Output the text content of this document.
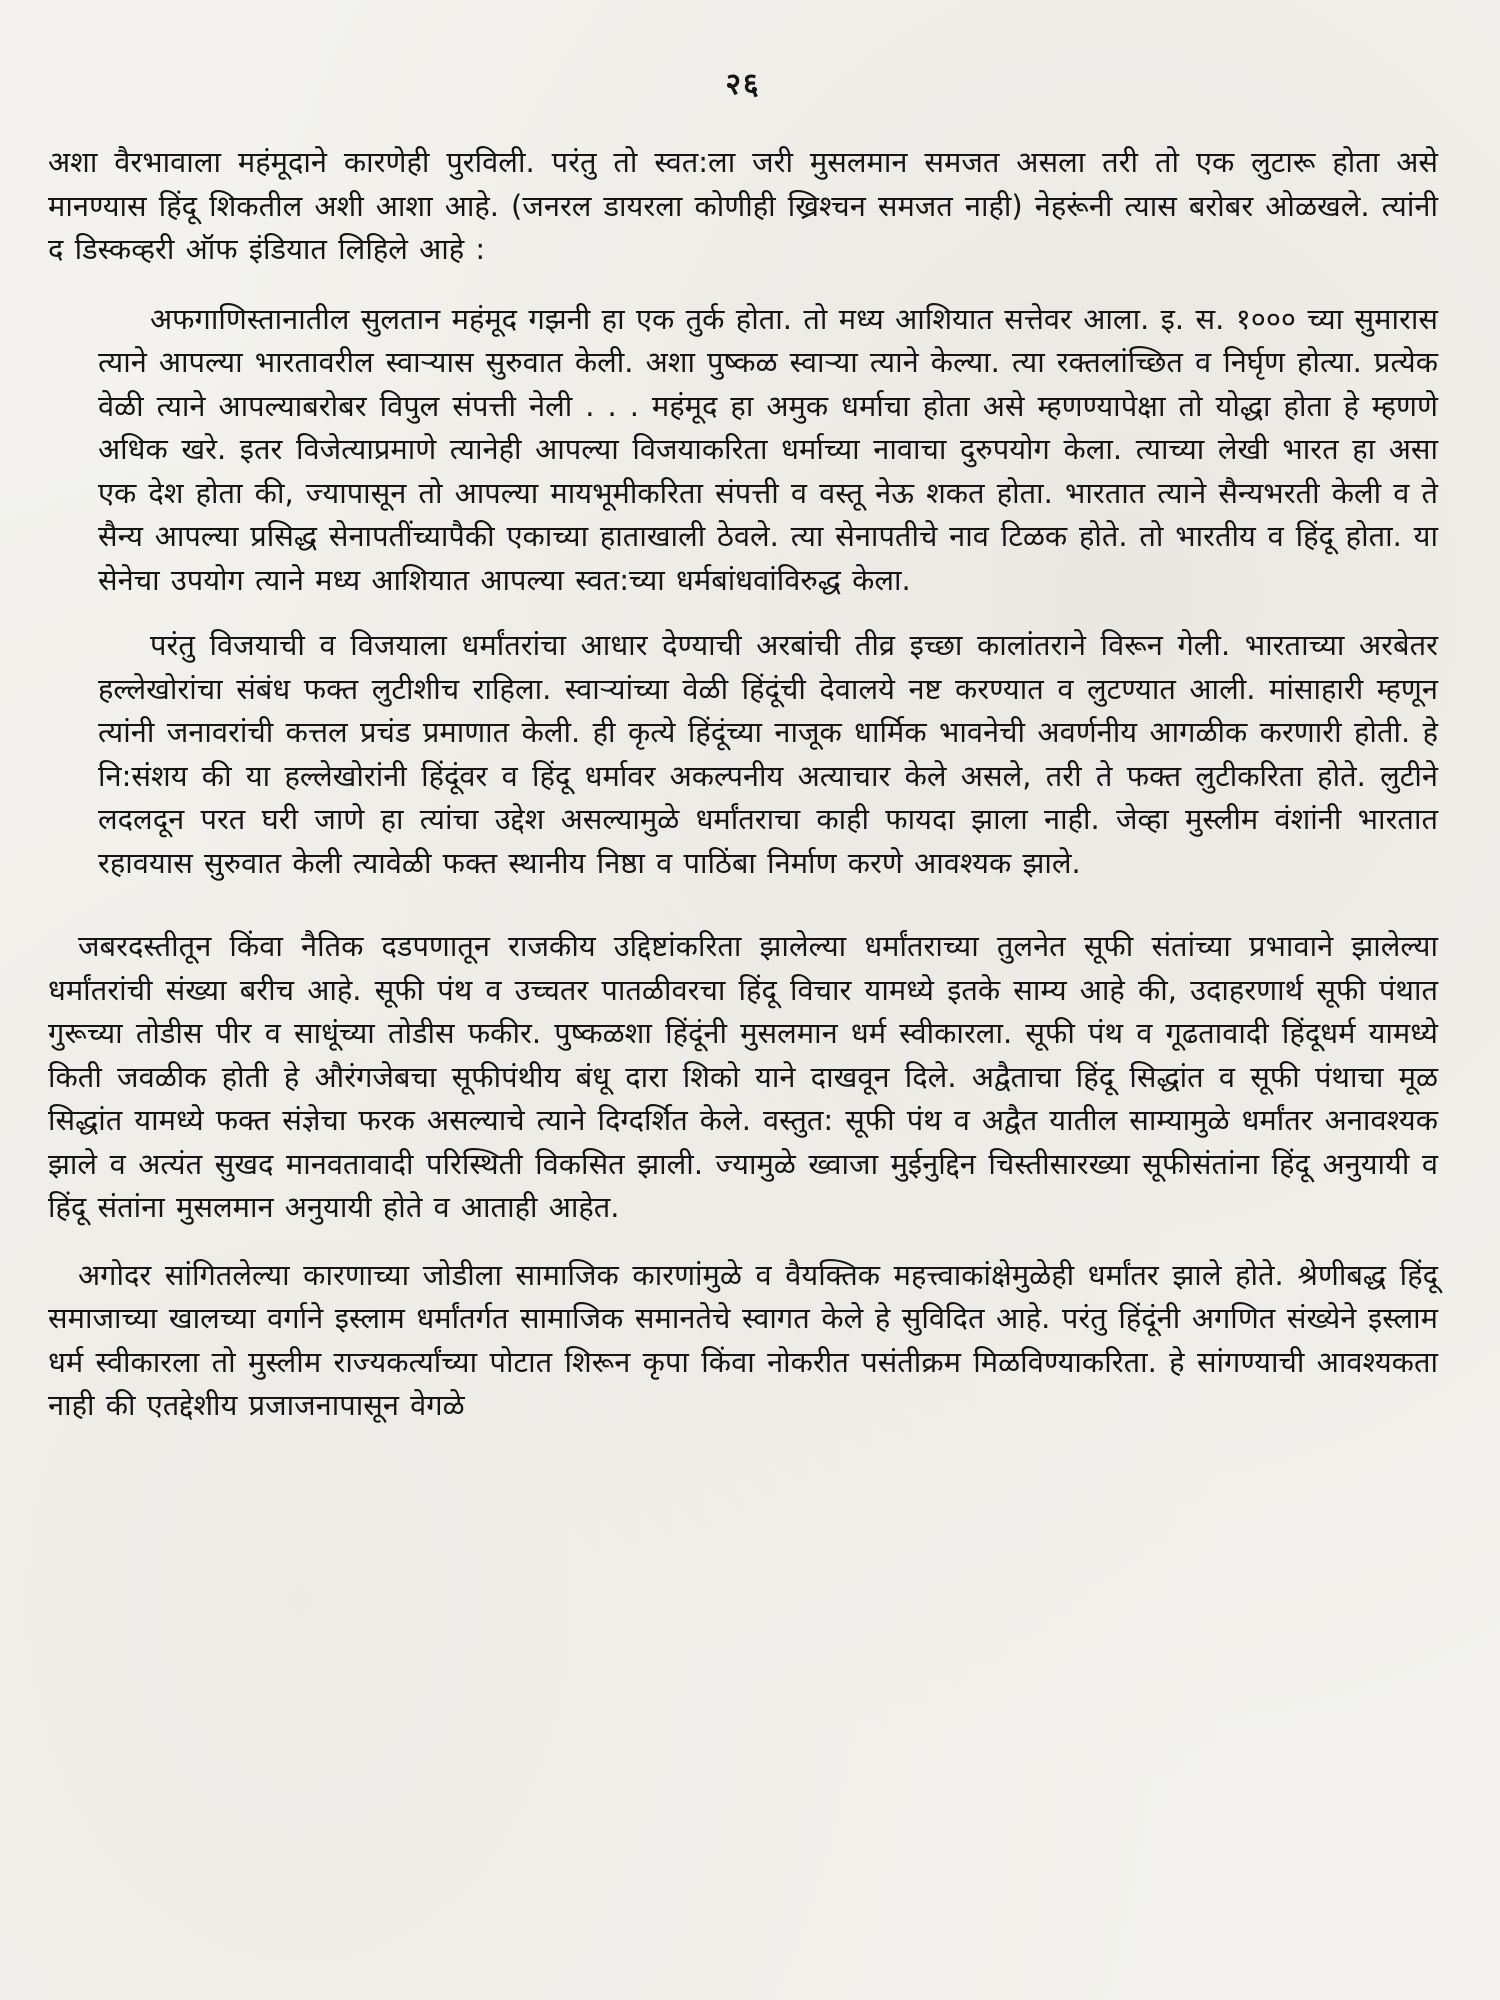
२६

अशा वैरभावाला महंमूदाने कारणेही पुरविली. परंतु तो स्वत:ला जरी मुसलमान समजत असला तरी तो एक लुटारू होता असे मानण्यास हिंदू शिकतील अशी आशा आहे. (जनरल डायरला कोणीही ख्रिश्चन समजत नाही) नेहरूंनी त्यास बरोबर ओळखले. त्यांनी द डिस्कव्हरी ऑफ इंडियात लिहिले आहे :

अफगाणिस्तानातील सुलतान महंमूद गझनी हा एक तुर्क होता. तो मध्य आशियात सत्तेवर आला. इ. स. १००० च्या सुमारास त्याने आपल्या भारतावरील स्वाऱ्यास सुरुवात केली. अशा पुष्कळ स्वाऱ्या त्याने केल्या. त्या रक्तलांच्छित व निर्घृण होत्या. प्रत्येक वेळी त्याने आपल्याबरोबर विपुल संपत्ती नेली . . . महंमूद हा अमुक धर्माचा होता असे म्हणण्यापेक्षा तो योद्धा होता हे म्हणणे अधिक खरे. इतर विजेत्याप्रमाणे त्यानेही आपल्या विजयाकरिता धर्माच्या नावाचा दुरुपयोग केला. त्याच्या लेखी भारत हा असा एक देश होता की, ज्यापासून तो आपल्या मायभूमीकरिता संपत्ती व वस्तू नेऊ शकत होता. भारतात त्याने सैन्यभरती केली व ते सैन्य आपल्या प्रसिद्ध सेनापतींच्यापैकी एकाच्या हाताखाली ठेवले. त्या सेनापतीचे नाव टिळक होते. तो भारतीय व हिंदू होता. या सेनेचा उपयोग त्याने मध्य आशियात आपल्या स्वत:च्या धर्मबांधवांविरुद्ध केला.

परंतु विजयाची व विजयाला धर्मांतरांचा आधार देण्याची अरबांची तीव्र इच्छा कालांतराने विरून गेली. भारताच्या अरबेतर हल्लेखोरांचा संबंध फक्त लुटीशीच राहिला. स्वाऱ्यांच्या वेळी हिंदूंची देवालये नष्ट करण्यात व लुटण्यात आली. मांसाहारी म्हणून त्यांनी जनावरांची कत्तल प्रचंड प्रमाणात केली. ही कृत्ये हिंदूंच्या नाजूक धार्मिक भावनेची अवर्णनीय आगळीक करणारी होती. हे नि:संशय की या हल्लेखोरांनी हिंदूंवर व हिंदू धर्मावर अकल्पनीय अत्याचार केले असले, तरी ते फक्त लुटीकरिता होते. लुटीने लदलदून परत घरी जाणे हा त्यांचा उद्देश असल्यामुळे धर्मांतराचा काही फायदा झाला नाही. जेव्हा मुस्लीम वंशांनी भारतात रहावयास सुरुवात केली त्यावेळी फक्त स्थानीय निष्ठा व पाठिंबा निर्माण करणे आवश्यक झाले.

जबरदस्तीतून किंवा नैतिक दडपणातून राजकीय उद्दिष्टांकरिता झालेल्या धर्मांतराच्या तुलनेत सूफी संतांच्या प्रभावाने झालेल्या धर्मांतरांची संख्या बरीच आहे. सूफी पंथ व उच्चतर पातळीवरचा हिंदू विचार यामध्ये इतके साम्य आहे की, उदाहरणार्थ सूफी पंथात गुरूच्या तोडीस पीर व साधूंच्या तोडीस फकीर. पुष्कळशा हिंदूंनी मुसलमान धर्म स्वीकारला. सूफी पंथ व गूढतावादी हिंदूधर्म यामध्ये किती जवळीक होती हे औरंगजेबचा सूफीपंथीय बंधू दारा शिको याने दाखवून दिले. अद्वैताचा हिंदू सिद्धांत व सूफी पंथाचा मूळ सिद्धांत यामध्ये फक्त संज्ञेचा फरक असल्याचे त्याने दिग्दर्शित केले. वस्तुत: सूफी पंथ व अद्वैत यातील साम्यामुळे धर्मांतर अनावश्यक झाले व अत्यंत सुखद मानवतावादी परिस्थिती विकसित झाली. ज्यामुळे ख्वाजा मुईनुद्दिन चिस्तीसारख्या सूफीसंतांना हिंदू अनुयायी व हिंदू संतांना मुसलमान अनुयायी होते व आताही आहेत.

अगोदर सांगितलेल्या कारणाच्या जोडीला सामाजिक कारणांमुळे व वैयक्तिक महत्त्वाकांक्षेमुळेही धर्मांतर झाले होते. श्रेणीबद्ध हिंदू समाजाच्या खालच्या वर्गाने इस्लाम धर्मांतर्गत सामाजिक समानतेचे स्वागत केले हे सुविदित आहे. परंतु हिंदूंनी अगणित संख्येने इस्लाम धर्म स्वीकारला तो मुस्लीम राज्यकर्त्यांच्या पोटात शिरून कृपा किंवा नोकरीत पसंतीक्रम मिळविण्याकरिता. हे सांगण्याची आवश्यकता नाही की एतद्देशीय प्रजाजनापासून वेगळे
